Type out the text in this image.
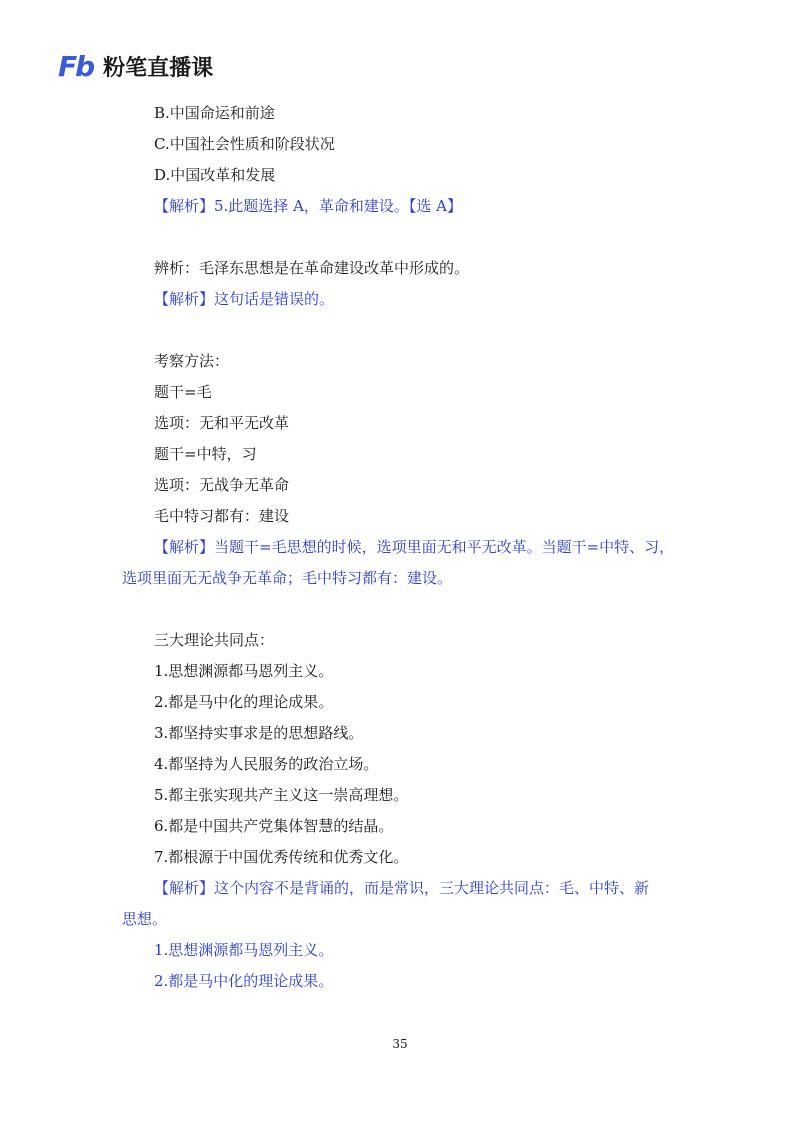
Fb 粉笔直播课
B.中国命运和前途
C.中国社会性质和阶段状况
D.中国改革和发展
【解析】5.此题选择 A，革命和建设。【选 A】
辨析：毛泽东思想是在革命建设改革中形成的。
【解析】这句话是错误的。
考察方法：
题干=毛
选项：无和平无改革
题干=中特，习
选项：无战争无革命
毛中特习都有：建设
【解析】当题干=毛思想的时候，选项里面无和平无改革。当题干=中特、习，
选项里面无无战争无革命；毛中特习都有：建设。
三大理论共同点：
1.思想渊源都马恩列主义。
2.都是马中化的理论成果。
3.都坚持实事求是的思想路线。
4.都坚持为人民服务的政治立场。
5.都主张实现共产主义这一崇高理想。
6.都是中国共产党集体智慧的结晶。
7.都根源于中国优秀传统和优秀文化。
【解析】这个内容不是背诵的，而是常识，三大理论共同点：毛、中特、新
思想。
1.思想渊源都马恩列主义。
2.都是马中化的理论成果。
35
